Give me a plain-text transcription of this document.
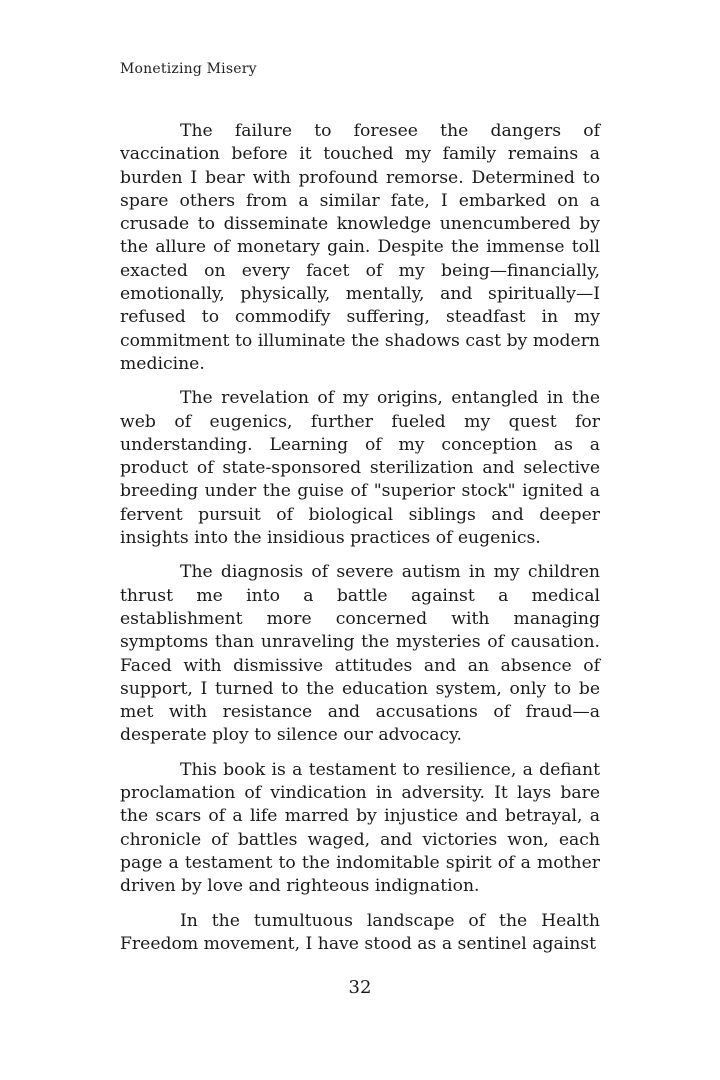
Monetizing Misery

The failure to foresee the dangers of vaccination before it touched my family remains a burden I bear with profound remorse. Determined to spare others from a similar fate, I embarked on a crusade to disseminate knowledge unencumbered by the allure of monetary gain. Despite the immense toll exacted on every facet of my being—financially, emotionally, physically, mentally, and spiritually—I refused to commodify suffering, steadfast in my commitment to illuminate the shadows cast by modern medicine.

The revelation of my origins, entangled in the web of eugenics, further fueled my quest for understanding. Learning of my conception as a product of state-sponsored sterilization and selective breeding under the guise of "superior stock" ignited a fervent pursuit of biological siblings and deeper insights into the insidious practices of eugenics.

The diagnosis of severe autism in my children thrust me into a battle against a medical establishment more concerned with managing symptoms than unraveling the mysteries of causation. Faced with dismissive attitudes and an absence of support, I turned to the education system, only to be met with resistance and accusations of fraud—a desperate ploy to silence our advocacy.

This book is a testament to resilience, a defiant proclamation of vindication in adversity. It lays bare the scars of a life marred by injustice and betrayal, a chronicle of battles waged, and victories won, each page a testament to the indomitable spirit of a mother driven by love and righteous indignation.

In the tumultuous landscape of the Health Freedom movement, I have stood as a sentinel against

32
